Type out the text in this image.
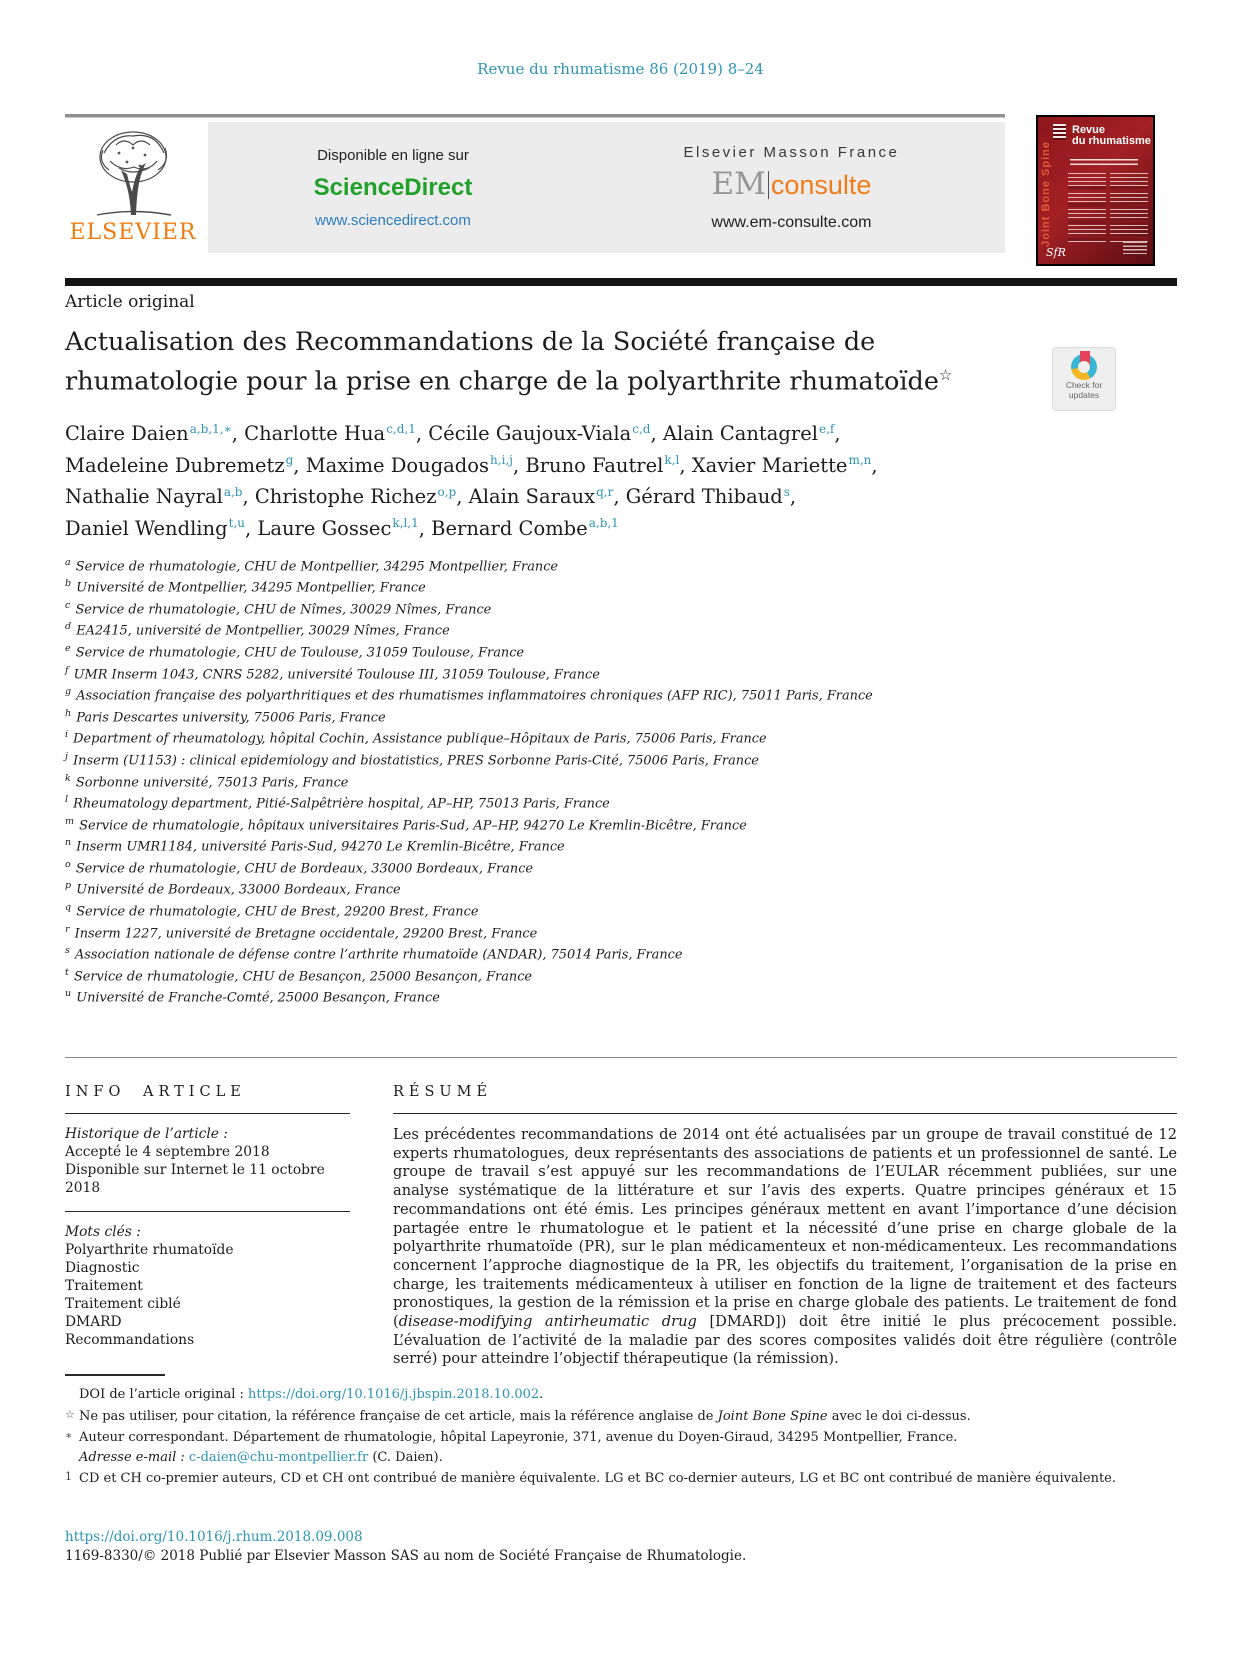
Revue du rhumatisme 86 (2019) 8–24
ELSEVIER
Disponible en ligne sur
ScienceDirect
www.sciencedirect.com
Elsevier Masson France
EM consulte
www.em-consulte.com
Revue
du rhumatisme
Joint Bone Spine
SfR
Check for
updates
Article original
Actualisation des Recommandations de la Société française de
rhumatologie pour la prise en charge de la polyarthrite rhumatoïde☆
Claire Daien$^{a,b,1,∗}$, Charlotte Hua$^{c,d,1}$, Cécile Gaujoux-Viala$^{c,d}$, Alain Cantagrel$^{e,f}$,
Madeleine Dubremetz$^g$, Maxime Dougados$^{h,i,j}$, Bruno Fautrel$^{k,l}$, Xavier Mariette$^{m,n}$,
Nathalie Nayral$^{a,b}$, Christophe Richez$^{o,p}$, Alain Saraux$^{q,r}$, Gérard Thibaud$^s$,
Daniel Wendling$^{t,u}$, Laure Gossec$^{k,l,1}$, Bernard Combe$^{a,b,1}$
$^a$ Service de rhumatologie, CHU de Montpellier, 34295 Montpellier, France
$^b$ Université de Montpellier, 34295 Montpellier, France
$^c$ Service de rhumatologie, CHU de Nîmes, 30029 Nîmes, France
$^d$ EA2415, université de Montpellier, 30029 Nîmes, France
$^e$ Service de rhumatologie, CHU de Toulouse, 31059 Toulouse, France
$^f$ UMR Inserm 1043, CNRS 5282, université Toulouse III, 31059 Toulouse, France
$^g$ Association française des polyarthritiques et des rhumatismes inflammatoires chroniques (AFP RIC), 75011 Paris, France
$^h$ Paris Descartes university, 75006 Paris, France
$^i$ Department of rheumatology, hôpital Cochin, Assistance publique–Hôpitaux de Paris, 75006 Paris, France
$^j$ Inserm (U1153) : clinical epidemiology and biostatistics, PRES Sorbonne Paris-Cité, 75006 Paris, France
$^k$ Sorbonne université, 75013 Paris, France
$^l$ Rheumatology department, Pitié-Salpêtrière hospital, AP–HP, 75013 Paris, France
$^m$ Service de rhumatologie, hôpitaux universitaires Paris-Sud, AP–HP, 94270 Le Kremlin-Bicêtre, France
$^n$ Inserm UMR1184, université Paris-Sud, 94270 Le Kremlin-Bicêtre, France
$^o$ Service de rhumatologie, CHU de Bordeaux, 33000 Bordeaux, France
$^p$ Université de Bordeaux, 33000 Bordeaux, France
$^q$ Service de rhumatologie, CHU de Brest, 29200 Brest, France
$^r$ Inserm 1227, université de Bretagne occidentale, 29200 Brest, France
$^s$ Association nationale de défense contre l’arthrite rhumatoïde (ANDAR), 75014 Paris, France
$^t$ Service de rhumatologie, CHU de Besançon, 25000 Besançon, France
$^u$ Université de Franche-Comté, 25000 Besançon, France
INFO ARTICLE
Historique de l’article :
Accepté le 4 septembre 2018
Disponible sur Internet le 11 octobre 2018
Mots clés :
Polyarthrite rhumatoïde
Diagnostic
Traitement
Traitement ciblé
DMARD
Recommandations
RÉSUMÉ

Les précédentes recommandations de 2014 ont été actualisées par un groupe de travail constitué de 12 experts rhumatologues, deux représentants des associations de patients et un professionnel de santé. Le groupe de travail s’est appuyé sur les recommandations de l’EULAR récemment publiées, sur une analyse systématique de la littérature et sur l’avis des experts. Quatre principes généraux et 15 recommandations ont été émis. Les principes généraux mettent en avant l’importance d’une décision partagée entre le rhumatologue et le patient et la nécessité d’une prise en charge globale de la polyarthrite rhumatoïde (PR), sur le plan médicamenteux et non-médicamenteux. Les recommandations concernent l’approche diagnostique de la PR, les objectifs du traitement, l’organisation de la prise en charge, les traitements médicamenteux à utiliser en fonction de la ligne de traitement et des facteurs pronostiques, la gestion de la rémission et la prise en charge globale des patients. Le traitement de fond (disease-modifying antirheumatic drug [DMARD]) doit être initié le plus précocement possible. L’évaluation de l’activité de la maladie par des scores composites validés doit être régulière (contrôle serré) pour atteindre l’objectif thérapeutique (la rémission).

DOI de l’article original : https://doi.org/10.1016/j.jbspin.2018.10.002.

☆ Ne pas utiliser, pour citation, la référence française de cet article, mais la référence anglaise de Joint Bone Spine avec le doi ci-dessus.

∗ Auteur correspondant. Département de rhumatologie, hôpital Lapeyronie, 371, avenue du Doyen-Giraud, 34295 Montpellier, France.

Adresse e-mail : c-daien@chu-montpellier.fr (C. Daien).

1 CD et CH co-premier auteurs, CD et CH ont contribué de manière équivalente. LG et BC co-dernier auteurs, LG et BC ont contribué de manière équivalente.

https://doi.org/10.1016/j.rhum.2018.09.008
1169-8330/© 2018 Publié par Elsevier Masson SAS au nom de Société Française de Rhumatologie.
